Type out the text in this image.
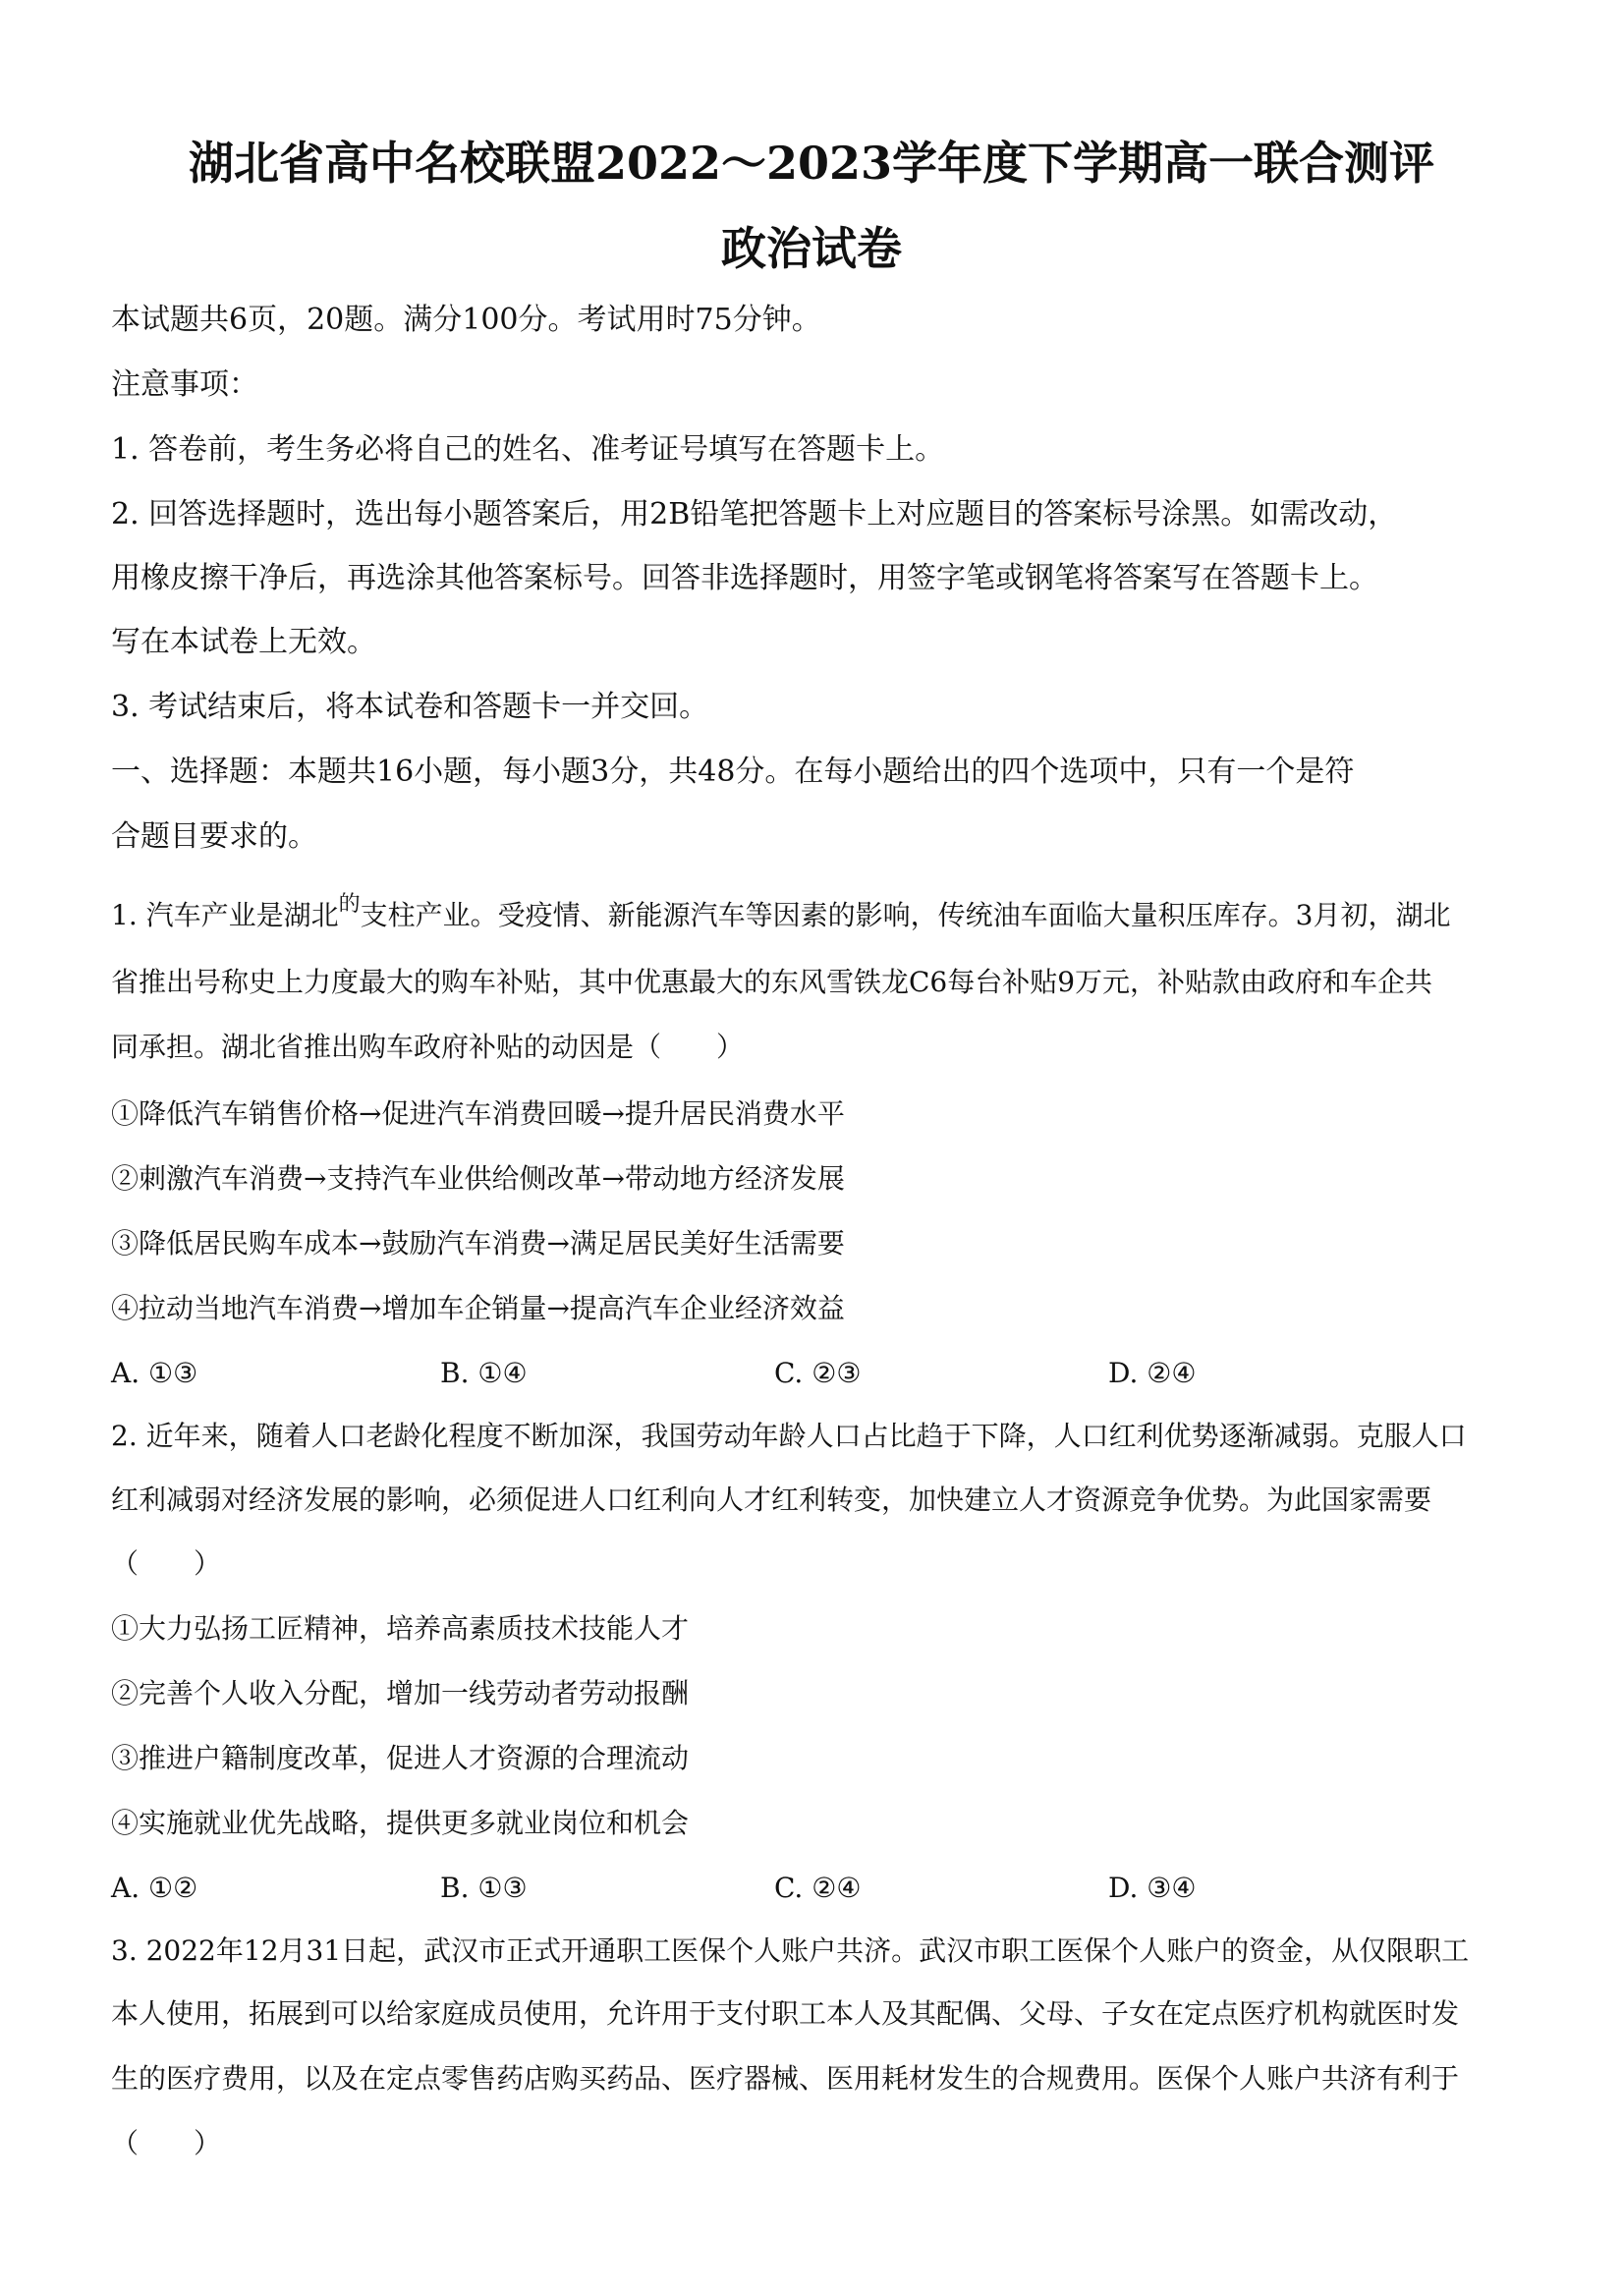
湖北省高中名校联盟2022～2023学年度下学期高一联合测评
政治试卷
本试题共6页，20题。满分100分。考试用时75分钟。
注意事项：
1. 答卷前，考生务必将自己的姓名、准考证号填写在答题卡上。
2. 回答选择题时，选出每小题答案后，用2B铅笔把答题卡上对应题目的答案标号涂黑。如需改动，
用橡皮擦干净后，再选涂其他答案标号。回答非选择题时，用签字笔或钢笔将答案写在答题卡上。
写在本试卷上无效。
3. 考试结束后，将本试卷和答题卡一并交回。
一、选择题：本题共16小题，每小题3分，共48分。在每小题给出的四个选项中，只有一个是符
合题目要求的。
1. 汽车产业是湖北$^的$支柱产业。受疫情、新能源汽车等因素的影响，传统油车面临大量积压库存。3月初，湖北
省推出号称史上力度最大的购车补贴，其中优惠最大的东风雪铁龙C6每台补贴9万元，补贴款由政府和车企共
同承担。湖北省推出购车政府补贴的动因是（　　）
①降低汽车销售价格→促进汽车消费回暖→提升居民消费水平
②刺激汽车消费→支持汽车业供给侧改革→带动地方经济发展
③降低居民购车成本→鼓励汽车消费→满足居民美好生活需要
④拉动当地汽车消费→增加车企销量→提高汽车企业经济效益
A. ①③	B. ①④	C. ②③	D. ②④
2. 近年来，随着人口老龄化程度不断加深，我国劳动年龄人口占比趋于下降，人口红利优势逐渐减弱。克服人口
红利减弱对经济发展的影响，必须促进人口红利向人才红利转变，加快建立人才资源竞争优势。为此国家需要
（　　）
①大力弘扬工匠精神，培养高素质技术技能人才
②完善个人收入分配，增加一线劳动者劳动报酬
③推进户籍制度改革，促进人才资源的合理流动
④实施就业优先战略，提供更多就业岗位和机会
A. ①②	B. ①③	C. ②④	D. ③④
3. 2022年12月31日起，武汉市正式开通职工医保个人账户共济。武汉市职工医保个人账户的资金，从仅限职工
本人使用，拓展到可以给家庭成员使用，允许用于支付职工本人及其配偶、父母、子女在定点医疗机构就医时发
生的医疗费用，以及在定点零售药店购买药品、医疗器械、医用耗材发生的合规费用。医保个人账户共济有利于
（　　）
